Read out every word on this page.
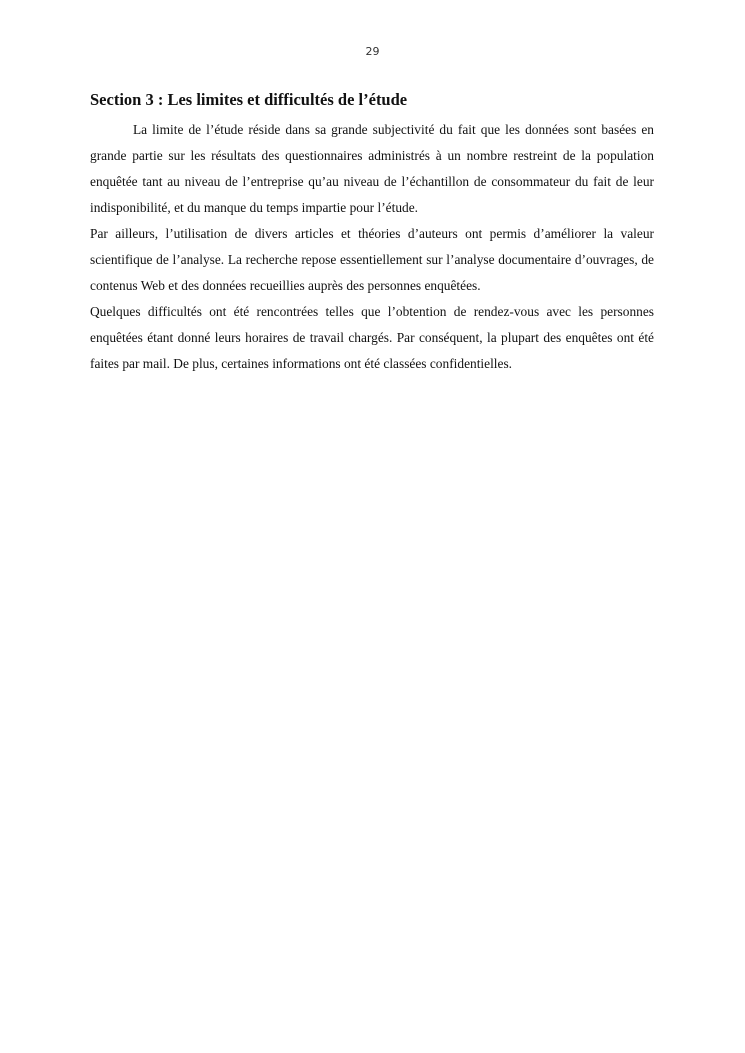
29
Section 3 : Les limites et difficultés de l’étude

La limite de l’étude réside dans sa grande subjectivité du fait que les données sont basées en grande partie sur les résultats des questionnaires administrés à un nombre restreint de la population enquêtée tant au niveau de l’entreprise qu’au niveau de l’échantillon de consommateur du fait de leur indisponibilité, et du manque du temps impartie pour l’étude.

Par ailleurs, l’utilisation de divers articles et théories d’auteurs ont permis d’améliorer la valeur scientifique de l’analyse. La recherche repose essentiellement sur l’analyse documentaire d’ouvrages, de contenus Web et des données recueillies auprès des personnes enquêtées.

Quelques difficultés ont été rencontrées telles que l’obtention de rendez-vous avec les personnes enquêtées étant donné leurs horaires de travail chargés. Par conséquent, la plupart des enquêtes ont été faites par mail. De plus, certaines informations ont été classées confidentielles.
